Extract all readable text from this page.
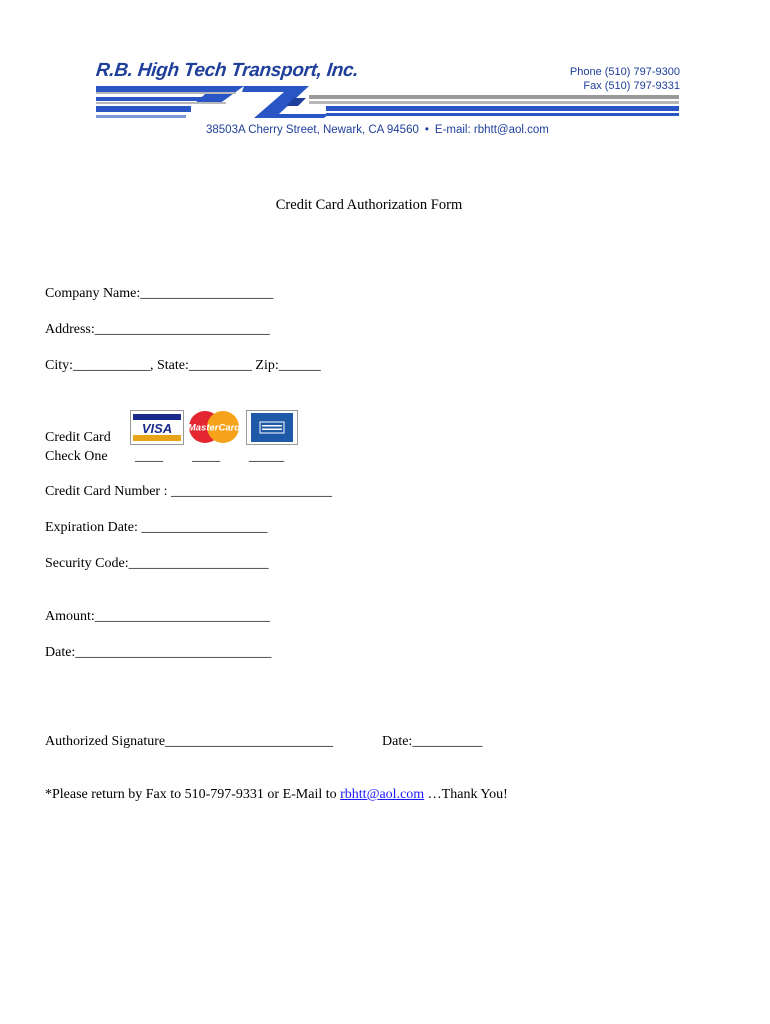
R.B. High Tech Transport, Inc.	Phone (510) 797-9300
Fax (510) 797-9331
38503A Cherry Street, Newark, CA 94560 • E-mail: rbhtt@aol.com
Credit Card Authorization Form
Company Name:___________________
Address:_________________________
City:___________, State:_________ Zip:______
VISA MasterCard
Credit Card
Check One ____ ____ _____
Credit Card Number : _______________________
Expiration Date: __________________
Security Code:____________________
Amount:_________________________
Date:____________________________
Authorized Signature________________________	Date:__________
*Please return by Fax to 510-797-9331 or E-Mail to rbhtt@aol.com …Thank You!
